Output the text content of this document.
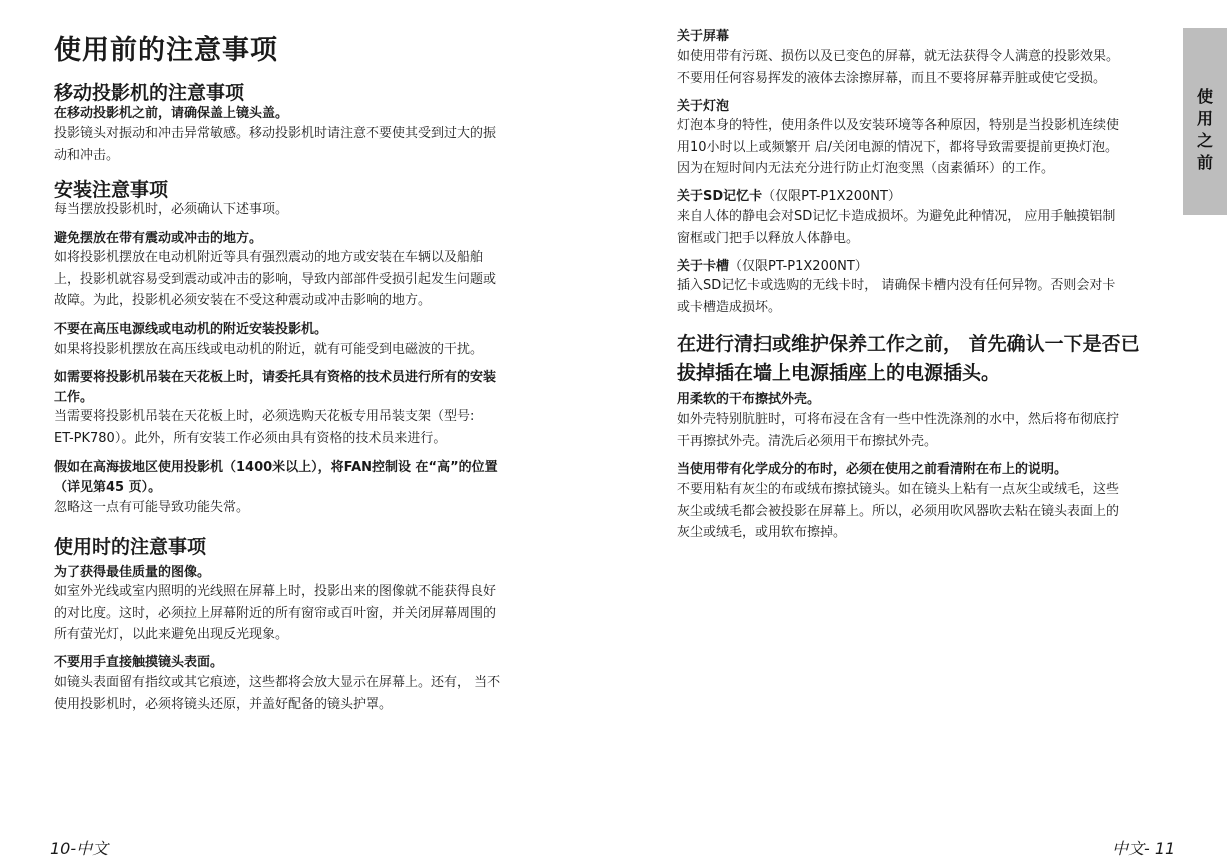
使用前的注意事项
移动投影机的注意事项
在移动投影机之前，请确保盖上镜头盖。

投影镜头对振动和冲击异常敏感。移动投影机时请注意不要使其受到过大的振
动和冲击。

安装注意事项

每当摆放投影机时，必须确认下述事项。

避免摆放在带有震动或冲击的地方。

如将投影机摆放在电动机附近等具有强烈震动的地方或安装在车辆以及船舶
上，投影机就容易受到震动或冲击的影响，导致内部部件受损引起发生问题或
故障。为此，投影机必须安装在不受这种震动或冲击影响的地方。

不要在高压电源线或电动机的附近安装投影机。

如果将投影机摆放在高压线或电动机的附近，就有可能受到电磁波的干扰。

如需要将投影机吊装在天花板上时，请委托具有资格的技术员进行所有的安装
工作。

当需要将投影机吊装在天花板上时，必须选购天花板专用吊装支架（型号:
ET-PK780）。此外，所有安装工作必须由具有资格的技术员来进行。

假如在高海拔地区使用投影机（1400米以上），将FAN控制设 在“高”的位置
（详见第45 页）。

忽略这一点有可能导致功能失常。

使用时的注意事项
为了获得最佳质量的图像。

如室外光线或室内照明的光线照在屏幕上时，投影出来的图像就不能获得良好
的对比度。这时，必须拉上屏幕附近的所有窗帘或百叶窗，并关闭屏幕周围的
所有萤光灯，以此来避免出现反光现象。

不要用手直接触摸镜头表面。

如镜头表面留有指纹或其它痕迹，这些都将会放大显示在屏幕上。还有， 当不
使用投影机时，必须将镜头还原，并盖好配备的镜头护罩。

10-中文
关于屏幕

如使用带有污斑、损伤以及已变色的屏幕，就无法获得令人满意的投影效果。
不要用任何容易挥发的液体去涂擦屏幕，而且不要将屏幕弄脏或使它受损。

关于灯泡

灯泡本身的特性，使用条件以及安装环境等各种原因，特别是当投影机连续使
用10小时以上或频繁开 启/关闭电源的情况下，都将导致需要提前更换灯泡。
因为在短时间内无法充分进行防止灯泡变黑（卤素循环）的工作。

关于SD记忆卡（仅限PT-P1X200NT）

来自人体的静电会对SD记忆卡造成损坏。为避免此种情况， 应用手触摸铝制
窗框或门把手以释放人体静电。

关于卡槽（仅限PT-P1X200NT）

插入SD记忆卡或选购的无线卡时， 请确保卡槽内没有任何异物。否则会对卡
或卡槽造成损坏。

在进行清扫或维护保养工作之前， 首先确认一下是否已
拔掉插在墙上电源插座上的电源插头。
用柔软的干布擦拭外壳。

如外壳特别肮脏时，可将布浸在含有一些中性洗涤剂的水中，然后将布彻底拧
干再擦拭外壳。清洗后必须用干布擦拭外壳。

当使用带有化学成分的布时，必须在使用之前看清附在布上的说明。

不要用粘有灰尘的布或绒布擦拭镜头。如在镜头上粘有一点灰尘或绒毛，这些
灰尘或绒毛都会被投影在屏幕上。所以，必须用吹风器吹去粘在镜头表面上的
灰尘或绒毛，或用软布擦掉。

使
用
之
前
中文- 11
